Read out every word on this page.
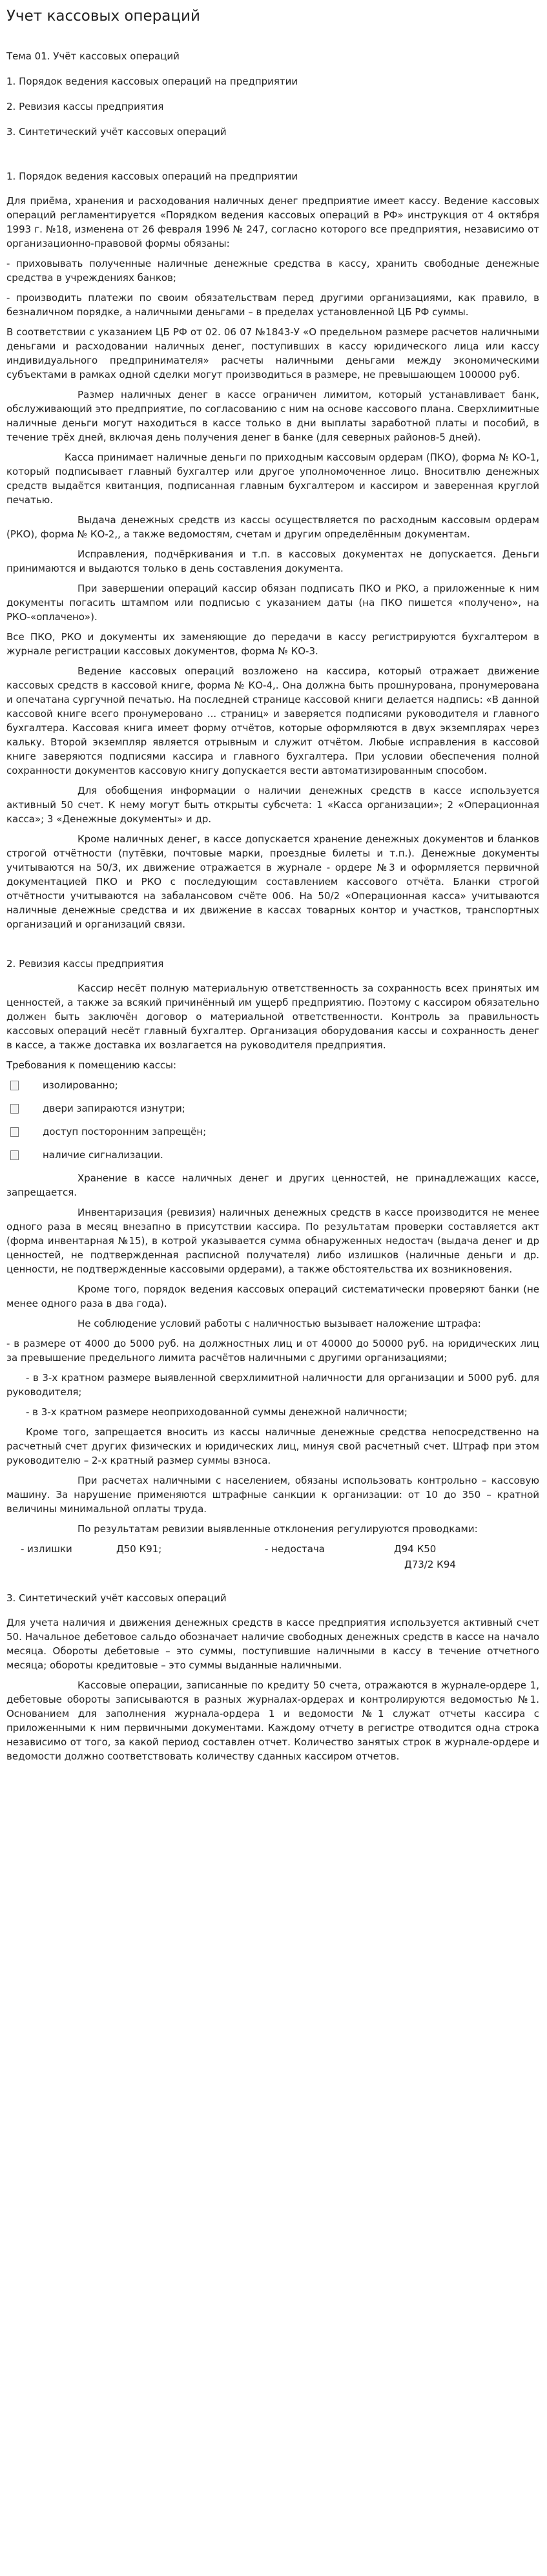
Учет кассовых операций

Тема 01. Учёт кассовых операций

1. Порядок ведения кассовых операций на предприятии

2. Ревизия кассы предприятия

3. Синтетический учёт кассовых операций

1. Порядок ведения кассовых операций на предприятии

Для приёма, хранения и расходования наличных денег предприятие имеет кассу. Ведение кассовых операций регламентируется «Порядком ведения кассовых операций в РФ» инструкция от 4 октября 1993 г. №18, изменена от 26 февраля 1996 № 247, согласно которого все предприятия, независимо от организационно-правовой формы обязаны:

- приховывать полученные наличные денежные средства в кассу, хранить свободные денежные средства в учреждениях банков;

- производить платежи по своим обязательствам перед другими организациями, как правило, в безналичном порядке, а наличными деньгами – в пределах установленной ЦБ РФ суммы.

В соответствии с указанием ЦБ РФ от 02. 06 07 №1843-У «О предельном размере расчетов наличными деньгами и расходовании наличных денег, поступивших в кассу юридического лица или кассу индивидуального предпринимателя» расчеты наличными деньгами между экономическими субъектами в рамках одной сделки могут производиться в размере, не превышающем 100000 руб.

Размер наличных денег в кассе ограничен лимитом, который устанавливает банк, обслуживающий это предприятие, по согласованию с ним на основе кассового плана. Сверхлимитные наличные деньги могут находиться в кассе только в дни выплаты заработной платы и пособий, в течение трёх дней, включая день получения денег в банке (для северных районов-5 дней).

Касса принимает наличные деньги по приходным кассовым ордерам (ПКО), форма № КО-1, который подписывает главный бухгалтер или другое уполномоченное лицо. Вноситвлю денежных средств выдаётся квитанция, подписанная главным бухгалтером и кассиром и заверенная круглой печатью.

Выдача денежных средств из кассы осуществляется по расходным кассовым ордерам (РКО), форма № КО-2,, а также ведомостям, счетам и другим определённым документам.

Исправления, подчёркивания и т.п. в кассовых документах не допускается. Деньги принимаются и выдаются только в день составления документа.

При завершении операций кассир обязан подписать ПКО и РКО, а приложенные к ним документы погасить штампом или подписью с указанием даты (на ПКО пишется «получено», на РКО-«оплачено»).

Все ПКО, РКО и документы их заменяющие до передачи в кассу регистрируются бухгалтером в журнале регистрации кассовых документов, форма № КО-3.

Ведение кассовых операций возложено на кассира, который отражает движение кассовых средств в кассовой книге, форма № КО-4,. Она должна быть прошнурована, пронумерована и опечатана сургучной печатью. На последней странице кассовой книги делается надпись: «В данной кассовой книге всего пронумеровано ... страниц» и заверяется подписями руководителя и главного бухгалтера. Кассовая книга имеет форму отчётов, которые оформляются в двух экземплярах через кальку. Второй экземпляр является отрывным и служит отчётом. Любые исправления в кассовой книге заверяются подписями кассира и главного бухгалтера. При условии обеспечения полной сохранности документов кассовую книгу допускается вести автоматизированным способом.

Для обобщения информации о наличии денежных средств в кассе используется активный 50 счет. К нему могут быть открыты субсчета: 1 «Касса организации»; 2 «Операционная касса»; 3 «Денежные документы» и др.

Кроме наличных денег, в кассе допускается хранение денежных документов и бланков строгой отчётности (путёвки, почтовые марки, проездные билеты и т.п.). Денежные документы учитываются на 50/3, их движение отражается в журнале - ордере №3 и оформляется первичной документацией ПКО и РКО с последующим составлением кассового отчёта. Бланки строгой отчётности учитываются на забалансовом счёте 006. На 50/2 «Операционная касса» учитываются наличные денежные средства и их движение в кассах товарных контор и участков, транспортных организаций и организаций связи.

2. Ревизия кассы предприятия

Кассир несёт полную материальную ответственность за сохранность всех принятых им ценностей, а также за всякий причинённый им ущерб предприятию. Поэтому с кассиром обязательно должен быть заключён договор о материальной ответственности. Контроль за правильность кассовых операций несёт главный бухгалтер. Организация оборудования кассы и сохранность денег в кассе, а также доставка их возлагается на руководителя предприятия.

Требования к помещению кассы:

изолированно;
двери запираются изнутри;
доступ посторонним запрещён;
наличие сигнализации.

Хранение в кассе наличных денег и других ценностей, не принадлежащих кассе, запрещается.

Инвентаризация (ревизия) наличных денежных средств в кассе производится не менее одного раза в месяц внезапно в присутствии кассира. По результатам проверки составляется акт (форма инвентарная №15), в котрой указывается сумма обнаруженных недостач (выдача денег и др ценностей, не подтвержденная расписной получателя) либо излишков (наличные деньги и др. ценности, не подтвержденные кассовыми ордерами), а также обстоятельства их возникновения.

Кроме того, порядок ведения кассовых операций систематически проверяют банки (не менее одного раза в два года).

Не соблюдение условий работы с наличностью вызывает наложение штрафа:

- в размере от 4000 до 5000 руб. на должностных лиц и от 40000 до 50000 руб. на юридических лиц за превышение предельного лимита расчётов наличными с другими организациями;

- в 3-х кратном размере выявленной сверхлимитной наличности для организации и 5000 руб. для руководителя;

- в 3-х кратном размере неоприходованной суммы денежной наличности;

Кроме того, запрещается вносить из кассы наличные денежные средства непосредственно на расчетный счет других физических и юридических лиц, минуя свой расчетный счет. Штраф при этом руководителю – 2-х кратный размер суммы взноса.

При расчетах наличными с населением, обязаны использовать контрольно – кассовую машину. За нарушение применяются штрафные санкции к организации: от 10 до 350 – кратной величины минимальной оплаты труда.

По результатам ревизии выявленные отклонения регулируются проводками:

- излишки	Д50 К91;	- недостача	Д94 К50
Д73/2 К94

3. Синтетический учёт кассовых операций

Для учета наличия и движения денежных средств в кассе предприятия используется активный счет 50. Начальное дебетовое сальдо обозначает наличие свободных денежных средств в кассе на начало месяца. Обороты дебетовые – это суммы, поступившие наличными в кассу в течение отчетного месяца; обороты кредитовые – это суммы выданные наличными.

Кассовые операции, записанные по кредиту 50 счета, отражаются в журнале-ордере 1, дебетовые обороты записываются в разных журналах-ордерах и контролируются ведомостью №1. Основанием для заполнения журнала-ордера 1 и ведомости №1 служат отчеты кассира с приложенными к ним первичными документами. Каждому отчету в регистре отводится одна строка независимо от того, за какой период составлен отчет. Количество занятых строк в журнале-ордере и ведомости должно соответствовать количеству сданных кассиром отчетов.
